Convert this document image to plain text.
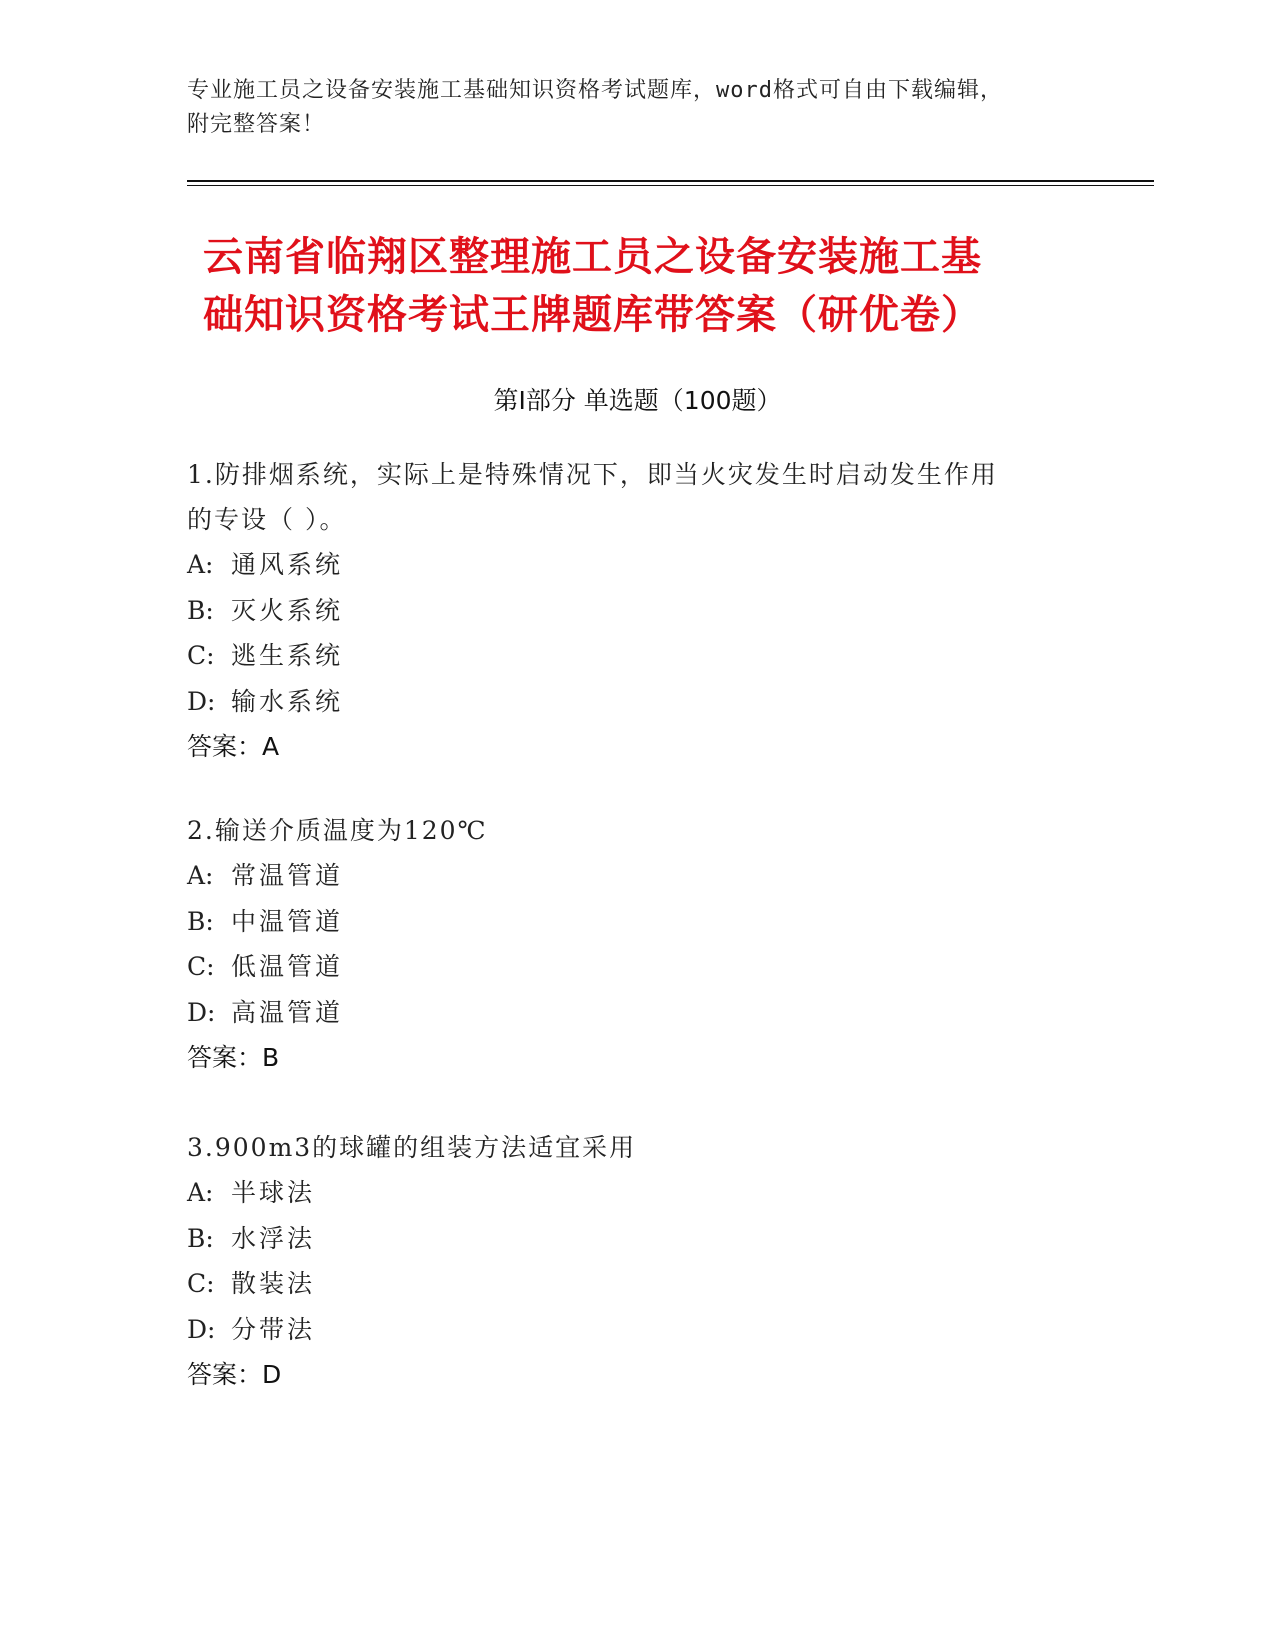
专业施工员之设备安装施工基础知识资格考试题库，word格式可自由下载编辑，
附完整答案！
云南省临翔区整理施工员之设备安装施工基
础知识资格考试王牌题库带答案（研优卷）
第Ⅰ部分 单选题（100题）

1.防排烟系统，实际上是特殊情况下，即当火灾发生时启动发生作用

的专设（ ）。

A: 通风系统

B: 灭火系统

C: 逃生系统

D: 输水系统

答案：A

2.输送介质温度为120℃

A: 常温管道

B: 中温管道

C: 低温管道

D: 高温管道

答案：B

3.900m3的球罐的组装方法适宜采用

A: 半球法

B: 水浮法

C: 散装法

D: 分带法

答案：D
